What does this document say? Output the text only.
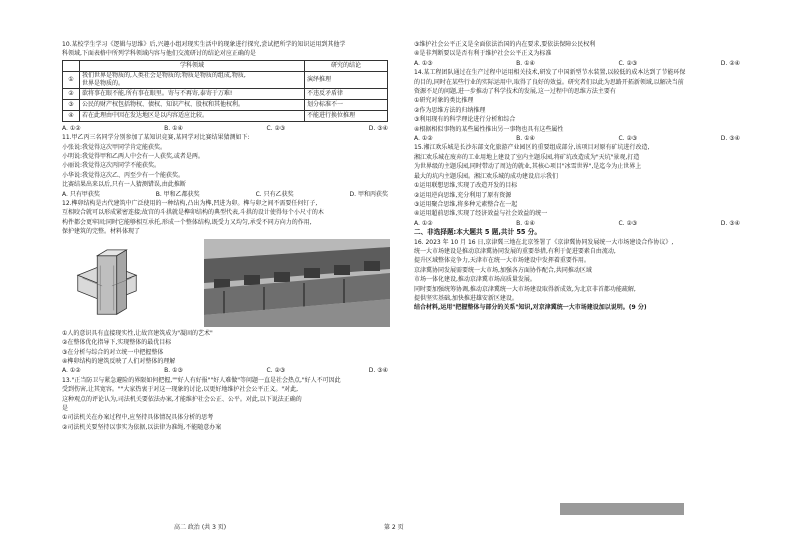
10.某校学生学习《逻辑与思维》后,兴趣小组对现实生活中的现象进行探究,尝试把所学的知识运用到其他学

科领域,下面表格中所列学科领域内容与他们交流研讨的结论对应正确的是

	学科领域	研究的结论
①	我们世界是物质的,人类社会是物质的;物质是物质的组成,物质,
世界是物质的。	演绎推理
②	欲将事在眼不能,所有事在眼里。寄与不再寄,泰寄于万难!	不违反矛盾律
③	公民的财产权包括物权、债权、知识产权、股权和其他权利。	划分标准不一
④	若在此理由中因在发达地区是以内容适应比较。	不能进行换位推理
A. ①②	B. ①④	C. ②③	D. ③④

11.甲乙丙三名同学分别参加了某知识竞赛,某同学对比赛结果猜测如下:

小张说:我觉得这次甲同学肯定能获奖。

小明说:我觉得甲和乙两人中会有一人获奖,或者是两。

小丽说:我觉得这次丙同学不能获奖。

小华说:我觉得这次乙、丙至少有一个能获奖。

比赛结果出来以后,只有一人猜测错误,由此推断

A. 只有甲获奖	B. 甲和乙都获奖	C. 只有乙获奖	D. 甲和丙获奖

12.榫卯结构是古代建筑中广泛使用的一种结构,凸出为榫,凹进为卯。榫与卯之间不需要任何钉子,

互相咬合就可以形成紧密连接;故宫的斗拱就是榫卯结构的典型代表,斗拱的设计使得每个小尺寸的木

构件都会更牢固;同时它能够相互承托,形成一个整体结构,既受力又均匀,承受不同方向力的作用,

保护建筑的完整。材料体现了

①人的意识具有直接现实性,让故宫建筑成为"凝固的艺术"

②在整体优化指导下,实现整体的最优目标

③在分析与综合的对立统一中把握整体

④榫卯结构的建筑反映了人们对整体的理解

A. ①②	B. ①③	C. ②③	D. ③④

13."正当防卫与紧急避险的界限如何把握,""好人有好报""好人难做"等问题一直是社会热点,"好人不可因此

受到伤害,让其宽容。""大家热衷于对这一现象的讨论,以更好地维护社会公平正义。"对此,

这种观点的评论认为,司法机关要依法办案,才能维护社会公正、公平。对此,以下说法正确的

是

①司法机关在办案过程中,应坚持具体情况具体分析的思考

②司法机关要坚持以事实为依据,以法律为准绳,不能随意办案

③维护社会公平正义是全面依法治国的内在要求,要依法保障公民权利

④是非判断要以是否有利于维护社会公平正义为标准

A. ①③	B. ①④	C. ②③	D. ②④

14.某工程团队通过在生产过程中运用相关技术,研发了中国新型节水装置,以较低的成本达到了节能环保

的目的,同时在某些行业的实际运用中,取得了良好的效益。研究者们以此为思路开拓新领域,以解决当前

资源不足的问题,进一步推动了科学技术的发展,这一过程中的思维方法主要有

①研究对象的类比推理

②作为思维方法的归纳推理

③利用现有的科学理论进行分析和综合

④根据相似事物的某些属性推出另一事物也具有这些属性

A. ①②	B. ①④	C. ②③	D. ③④

15.湘江欢乐城是长沙东部文化旅游产业园区的重要组成部分,该项目对原有矿坑进行改造,

湘江欢乐城在废弃的工业用地上建设了室内主题乐园,将矿坑改造成为"天坑"景观,打造

为世界级的主题乐园,同时带动了周边的就业,其核心项目"冰雪世界",是迄今为止世界上

最大的坑内主题乐园。湘江欢乐城的成功建设启示我们

①运用联想思维,实现了改造开发的目标

②运用逆向思维,充分利用了原有资源

③运用聚合思维,将多种元素整合在一起

④运用超前思维,实现了经济效益与社会效益的统一

A. ①②	B. ①④	C. ②③	D. ③④

二、非选择题:本大题共 5 题,共计 55 分。

16. 2023 年 10 月 16 日,京津冀三地在北京签署了《京津冀协同发展统一大市场建设合作协议》,

统一大市场建设是推动京津冀协同发展的重要举措,有利于促进要素自由流动,

提升区域整体竞争力,天津市在统一大市场建设中发挥着重要作用。

京津冀协同发展需要统一大市场,加强各方面协作配合,共同推动区域

市场一体化建设,推动京津冀市场高质量发展。

同时要加强统筹协调,推动京津冀统一大市场建设取得新成效,为北京非首都功能疏解,

提供坚实基础,加快推进雄安新区建设。

结合材料,运用"把握整体与部分的关系"知识,对京津冀统一大市场建设加以说明。(9 分)

高二 政治 (共 3 页)	第 2 页
